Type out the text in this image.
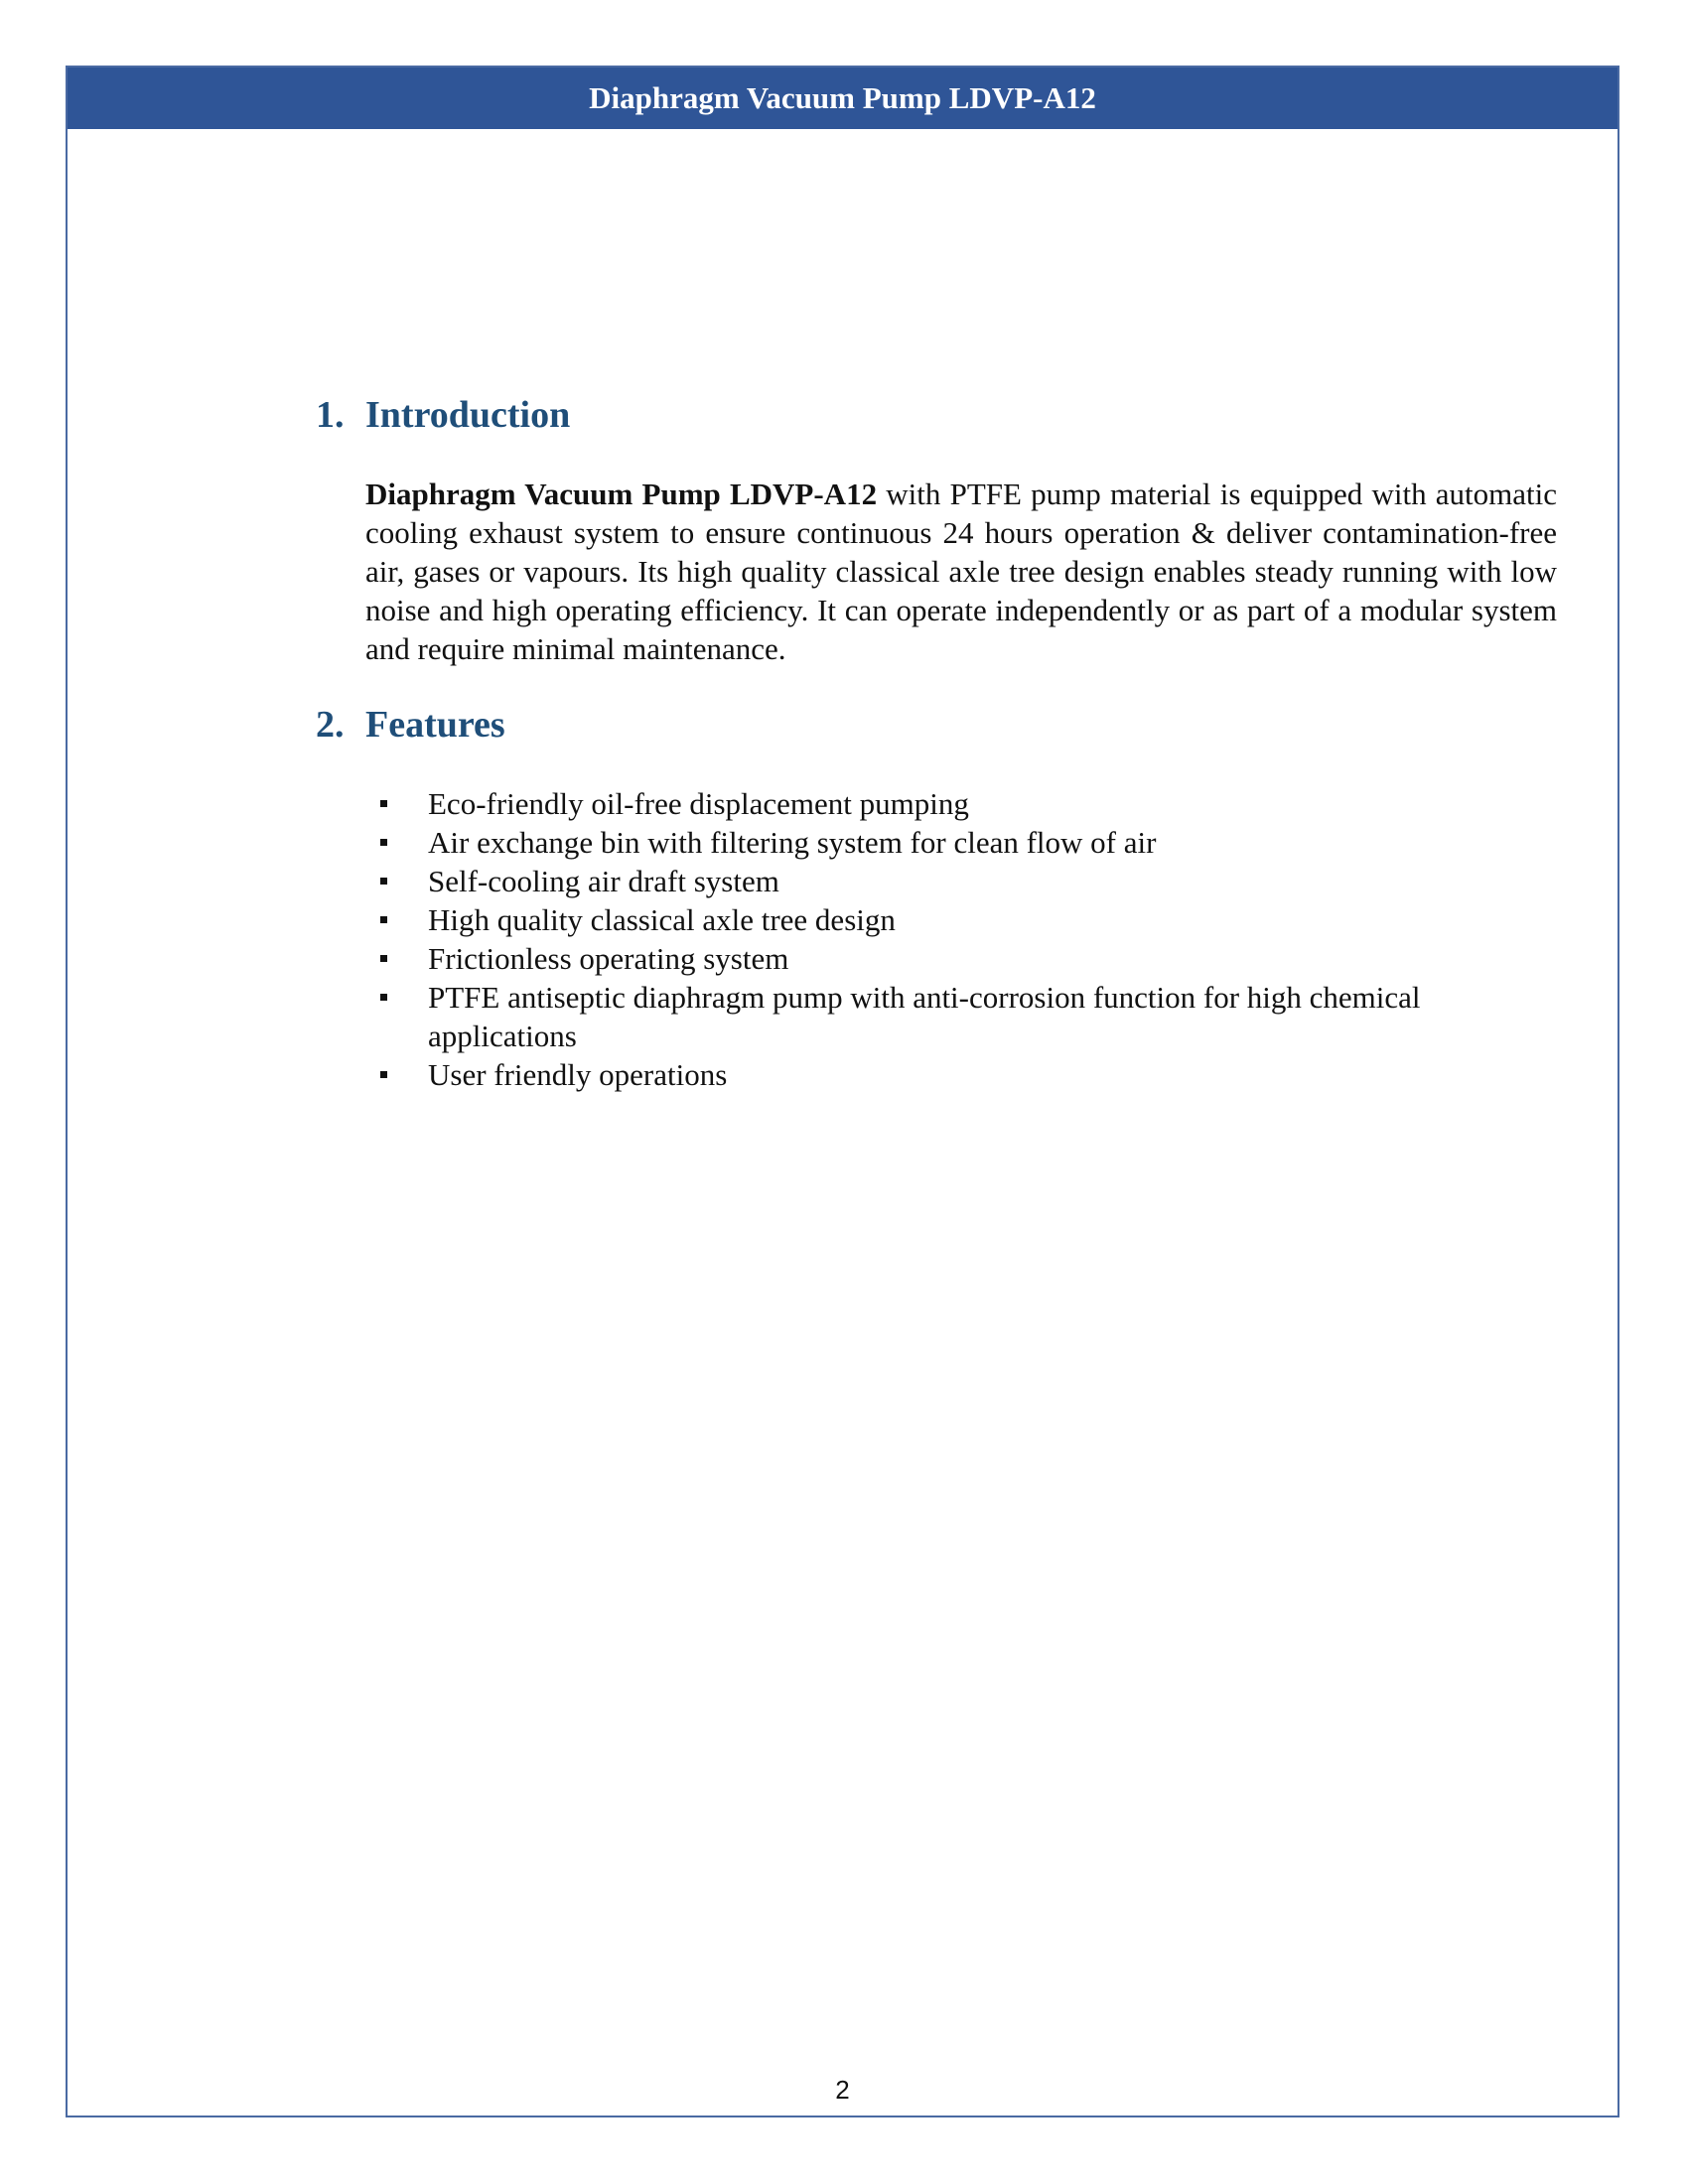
Diaphragm Vacuum Pump LDVP-A12
1. Introduction

Diaphragm Vacuum Pump LDVP-A12 with PTFE pump material is equipped with automatic cooling exhaust system to ensure continuous 24 hours operation & deliver contamination-free air, gases or vapours. Its high quality classical axle tree design enables steady running with low noise and high operating efficiency. It can operate independently or as part of a modular system and require minimal maintenance.

2. Features
Eco-friendly oil-free displacement pumping
Air exchange bin with filtering system for clean flow of air
Self-cooling air draft system
High quality classical axle tree design
Frictionless operating system
PTFE antiseptic diaphragm pump with anti-corrosion function for high chemical applications
User friendly operations
2
